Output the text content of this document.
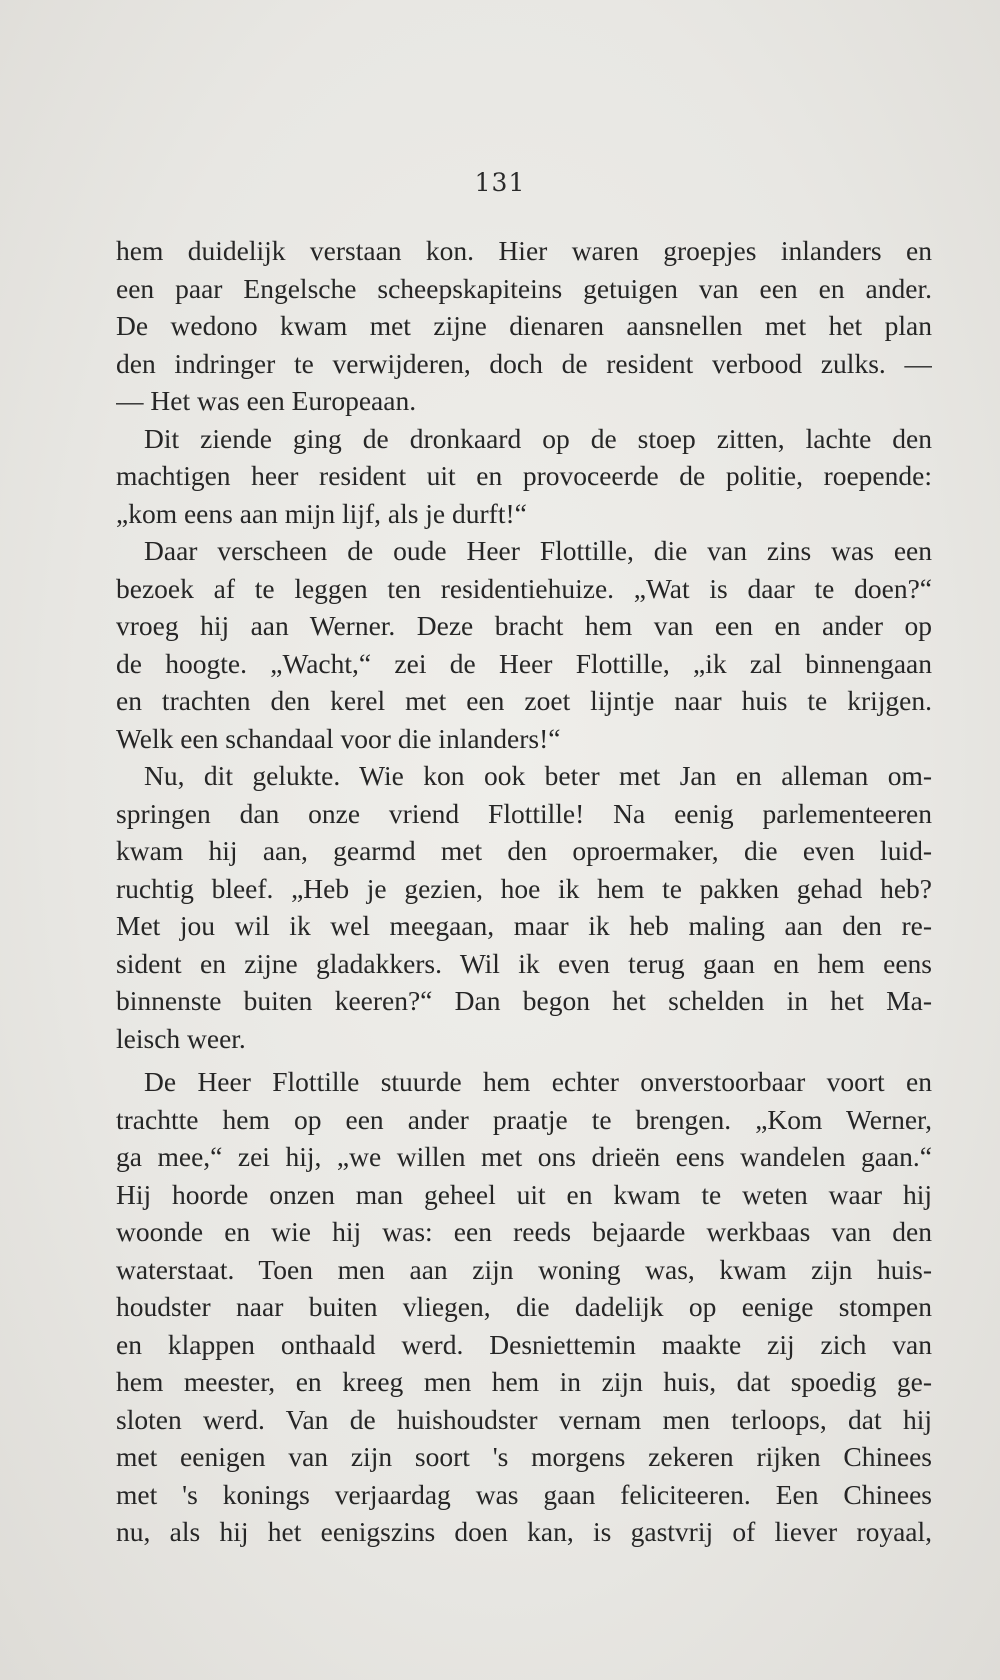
131
hem duidelijk verstaan kon. Hier waren groepjes inlanders en
een paar Engelsche scheepskapiteins getuigen van een en ander.
De wedono kwam met zijne dienaren aansnellen met het plan
den indringer te verwijderen, doch de resident verbood zulks. —
— Het was een Europeaan.
Dit ziende ging de dronkaard op de stoep zitten, lachte den
machtigen heer resident uit en provoceerde de politie, roepende:
„kom eens aan mijn lijf, als je durft!“
Daar verscheen de oude Heer Flottille, die van zins was een
bezoek af te leggen ten residentiehuize. „Wat is daar te doen?“
vroeg hij aan Werner. Deze bracht hem van een en ander op
de hoogte. „Wacht,“ zei de Heer Flottille, „ik zal binnengaan
en trachten den kerel met een zoet lijntje naar huis te krijgen.
Welk een schandaal voor die inlanders!“
Nu, dit gelukte. Wie kon ook beter met Jan en alleman om-
springen dan onze vriend Flottille! Na eenig parlementeeren
kwam hij aan, gearmd met den oproermaker, die even luid-
ruchtig bleef. „Heb je gezien, hoe ik hem te pakken gehad heb?
Met jou wil ik wel meegaan, maar ik heb maling aan den re-
sident en zijne gladakkers. Wil ik even terug gaan en hem eens
binnenste buiten keeren?“ Dan begon het schelden in het Ma-
leisch weer.
De Heer Flottille stuurde hem echter onverstoorbaar voort en
trachtte hem op een ander praatje te brengen. „Kom Werner,
ga mee,“ zei hij, „we willen met ons drieën eens wandelen gaan.“
Hij hoorde onzen man geheel uit en kwam te weten waar hij
woonde en wie hij was: een reeds bejaarde werkbaas van den
waterstaat. Toen men aan zijn woning was, kwam zijn huis-
houdster naar buiten vliegen, die dadelijk op eenige stompen
en klappen onthaald werd. Desniettemin maakte zij zich van
hem meester, en kreeg men hem in zijn huis, dat spoedig ge-
sloten werd. Van de huishoudster vernam men terloops, dat hij
met eenigen van zijn soort 's morgens zekeren rijken Chinees
met 's konings verjaardag was gaan feliciteeren. Een Chinees
nu, als hij het eenigszins doen kan, is gastvrij of liever royaal,
